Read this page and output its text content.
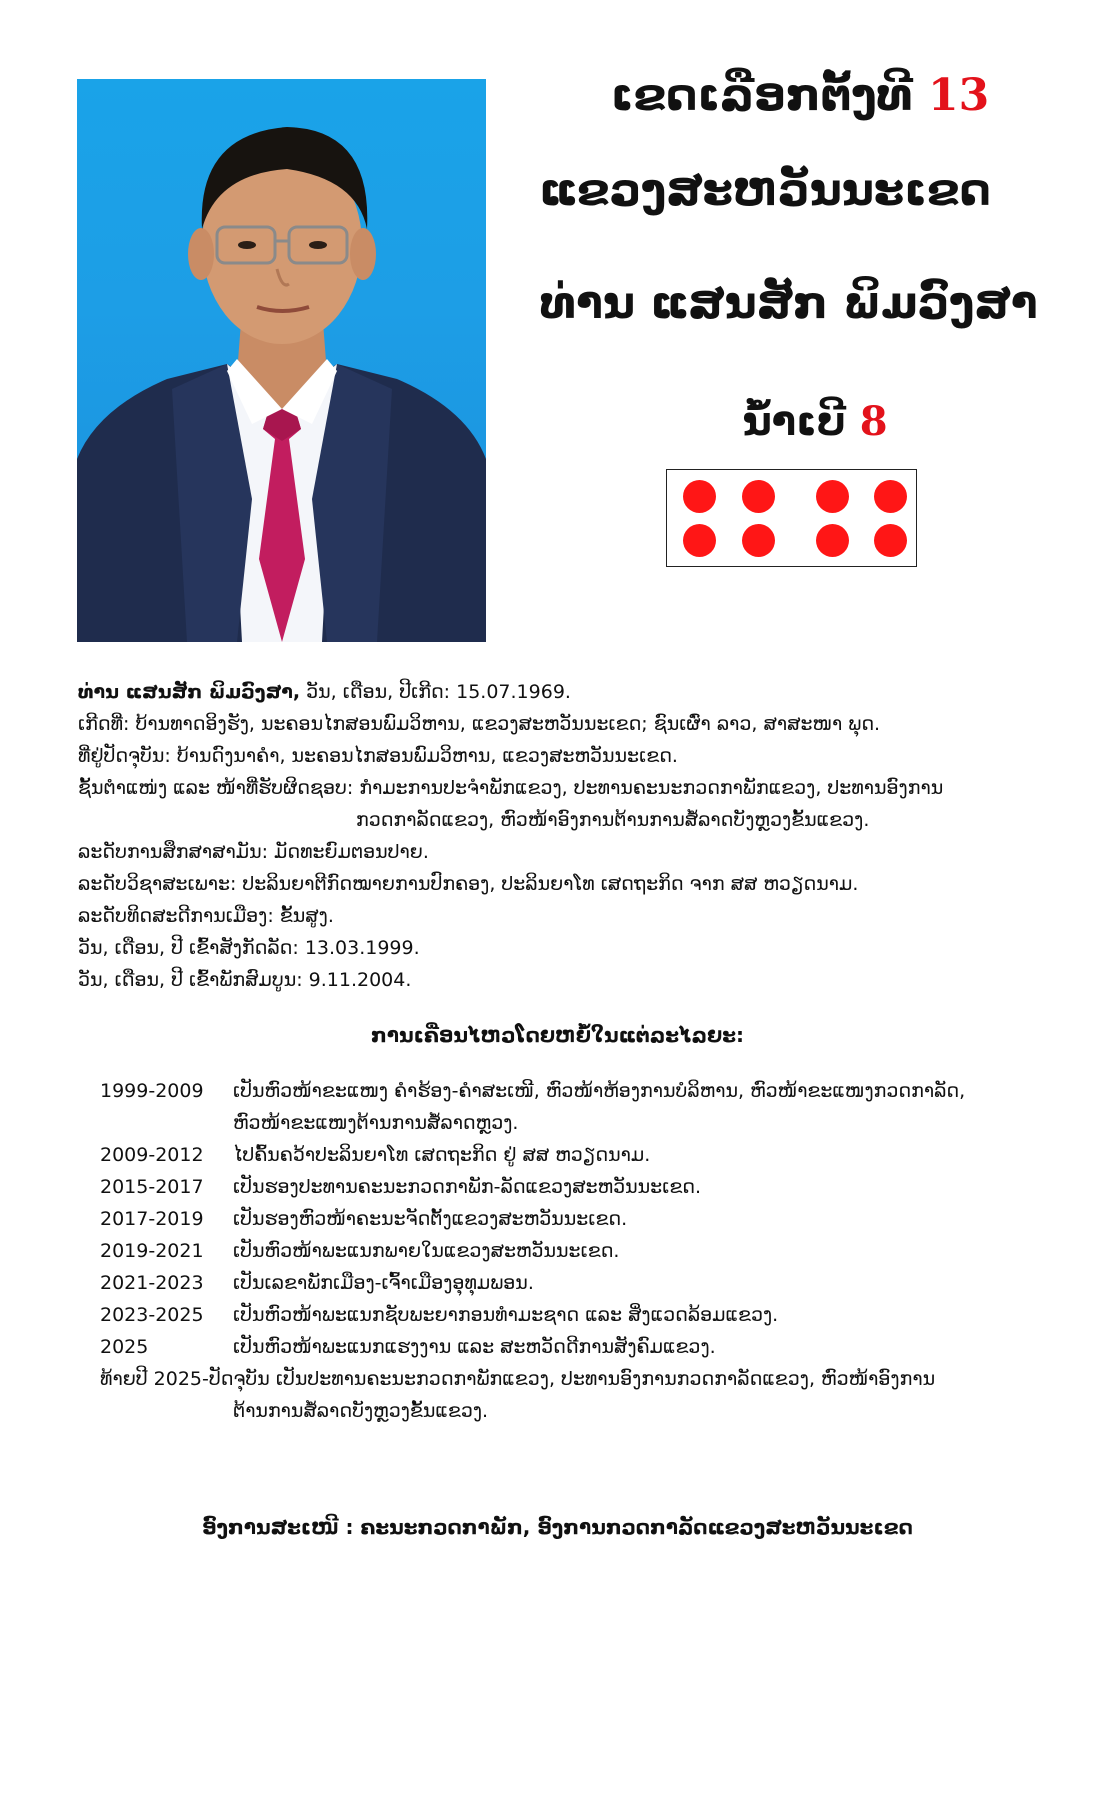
ເຂດເລືອກຕັ້ງທີ 13
ແຂວງສະຫວັນນະເຂດ
ທ່ານ ແສນສັກ ພິມວົງສາ
ນ້ຳເບີ 8
ທ່ານ ແສນສັກ ພິມວົງສາ, ວັນ, ເດືອນ, ປີເກີດ: 15.07.1969.
ເກີດທີ່: ບ້ານທາດອິງຮັງ, ນະຄອນໄກສອນພົມວິຫານ, ແຂວງສະຫວັນນະເຂດ; ຊົນເຜົ່າ ລາວ, ສາສະໜາ ພຸດ.
ທີ່ຢູ່ປັດຈຸບັນ: ບ້ານດົງນາຄຳ, ນະຄອນໄກສອນພົມວິຫານ, ແຂວງສະຫວັນນະເຂດ.
ຊັ້ນຕຳແໜ່ງ ແລະ ໜ້າທີ່ຮັບຜິດຊອບ: ກຳມະການປະຈຳພັກແຂວງ, ປະທານຄະນະກວດກາພັກແຂວງ, ປະທານອົງການ
ກວດກາລັດແຂວງ, ຫົວໜ້າອົງການຕ້ານການສໍ້ລາດບັງຫຼວງຂັ້ນແຂວງ.
ລະດັບການສຶກສາສາມັນ: ມັດທະຍົມຕອນປາຍ.
ລະດັບວິຊາສະເພາະ: ປະລິນຍາຕີກົດໝາຍການປົກຄອງ, ປະລິນຍາໂທ ເສດຖະກິດ ຈາກ ສສ ຫວຽດນາມ.
ລະດັບທິດສະດີການເມືອງ: ຂັ້ນສູງ.
ວັນ, ເດືອນ, ປີ ເຂົ້າສັງກັດລັດ: 13.03.1999.
ວັນ, ເດືອນ, ປີ ເຂົ້າພັກສົມບູນ: 9.11.2004.
ການເຄື່ອນໄຫວໂດຍຫຍໍ້ໃນແຕ່ລະໄລຍະ:
1999-2009	ເປັນຫົວໜ້າຂະແໜງ ຄຳຮ້ອງ-ຄຳສະເໜີ, ຫົວໜ້າຫ້ອງການບໍລິຫານ, ຫົວໜ້າຂະແໜງກວດກາລັດ,
ຫົວໜ້າຂະແໜງຕ້ານການສໍ້ລາດຫຼວງ.
2009-2012	ໄປຄົ້ນຄວ້າປະລິນຍາໂທ ເສດຖະກິດ ຢູ່ ສສ ຫວຽດນາມ.
2015-2017	ເປັນຮອງປະທານຄະນະກວດກາພັກ-ລັດແຂວງສະຫວັນນະເຂດ.
2017-2019	ເປັນຮອງຫົວໜ້າຄະນະຈັດຕັ້ງແຂວງສະຫວັນນະເຂດ.
2019-2021	ເປັນຫົວໜ້າພະແນກພາຍໃນແຂວງສະຫວັນນະເຂດ.
2021-2023	ເປັນເລຂາພັກເມືອງ-ເຈົ້າເມືອງອຸທຸມພອນ.
2023-2025	ເປັນຫົວໜ້າພະແນກຊັບພະຍາກອນທຳມະຊາດ ແລະ ສິ່ງແວດລ້ອມແຂວງ.
2025	ເປັນຫົວໜ້າພະແນກແຮງງານ ແລະ ສະຫວັດດີການສັງຄົມແຂວງ.
ທ້າຍປີ 2025-ປັດຈຸບັນ ເປັນປະທານຄະນະກວດກາພັກແຂວງ, ປະທານອົງການກວດກາລັດແຂວງ, ຫົວໜ້າອົງການ
ຕ້ານການສໍ້ລາດບັງຫຼວງຂັ້ນແຂວງ.
ອົງການສະເໜີ : ຄະນະກວດກາພັກ, ອົງການກວດກາລັດແຂວງສະຫວັນນະເຂດ
